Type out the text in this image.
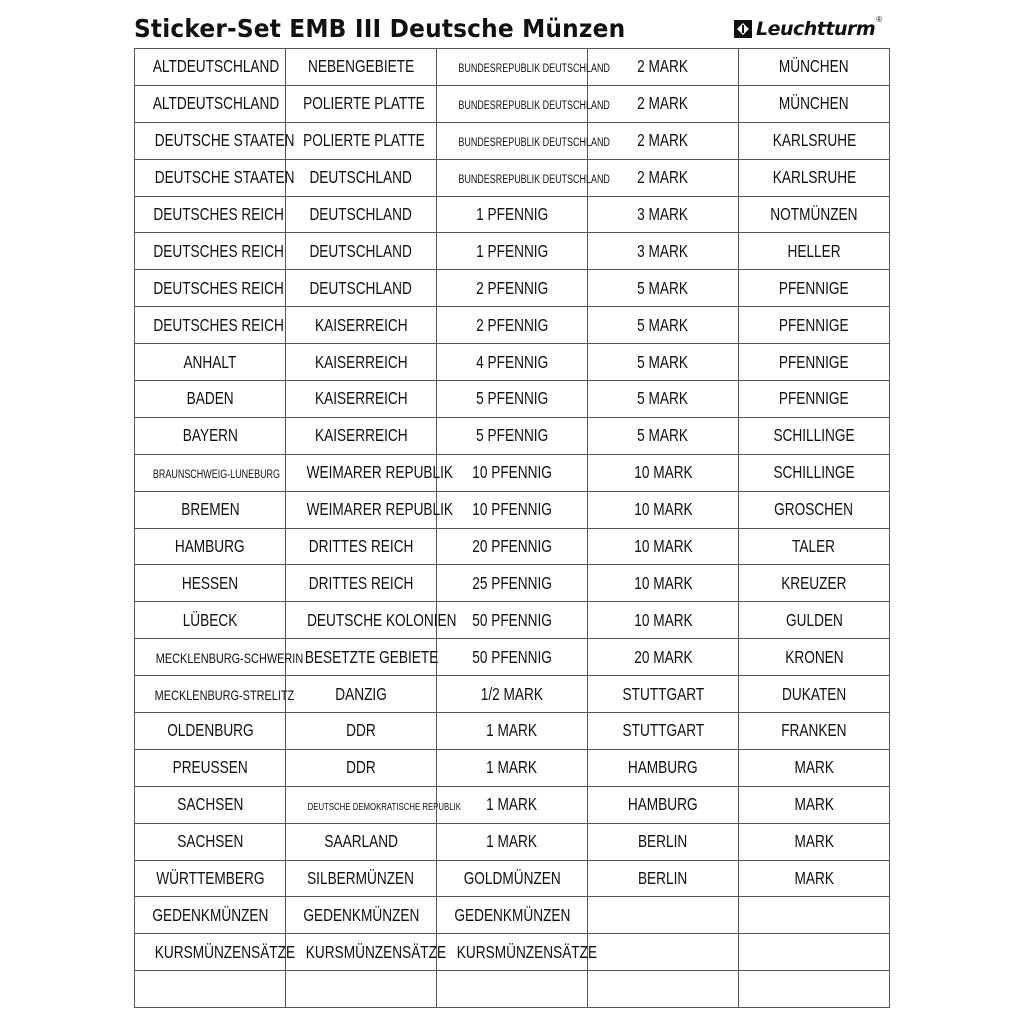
Sticker-Set EMB III Deutsche Münzen	Leuchtturm ®
ALTDEUTSCHLAND	NEBENGEBIETE	BUNDESREPUBLIK DEUTSCHLAND	2 MARK	MÜNCHEN
ALTDEUTSCHLAND	POLIERTE PLATTE	BUNDESREPUBLIK DEUTSCHLAND	2 MARK	MÜNCHEN
DEUTSCHE STAATEN	POLIERTE PLATTE	BUNDESREPUBLIK DEUTSCHLAND	2 MARK	KARLSRUHE
DEUTSCHE STAATEN	DEUTSCHLAND	BUNDESREPUBLIK DEUTSCHLAND	2 MARK	KARLSRUHE
DEUTSCHES REICH	DEUTSCHLAND	1 PFENNIG	3 MARK	NOTMÜNZEN
DEUTSCHES REICH	DEUTSCHLAND	1 PFENNIG	3 MARK	HELLER
DEUTSCHES REICH	DEUTSCHLAND	2 PFENNIG	5 MARK	PFENNIGE
DEUTSCHES REICH	KAISERREICH	2 PFENNIG	5 MARK	PFENNIGE
ANHALT	KAISERREICH	4 PFENNIG	5 MARK	PFENNIGE
BADEN	KAISERREICH	5 PFENNIG	5 MARK	PFENNIGE
BAYERN	KAISERREICH	5 PFENNIG	5 MARK	SCHILLINGE
BRAUNSCHWEIG-LÜNEBURG	WEIMARER REPUBLIK	10 PFENNIG	10 MARK	SCHILLINGE
BREMEN	WEIMARER REPUBLIK	10 PFENNIG	10 MARK	GROSCHEN
HAMBURG	DRITTES REICH	20 PFENNIG	10 MARK	TALER
HESSEN	DRITTES REICH	25 PFENNIG	10 MARK	KREUZER
LÜBECK	DEUTSCHE KOLONIEN	50 PFENNIG	10 MARK	GULDEN
MECKLENBURG-SCHWERIN	BESETZTE GEBIETE	50 PFENNIG	20 MARK	KRONEN
MECKLENBURG-STRELITZ	DANZIG	1/2 MARK	STUTTGART	DUKATEN
OLDENBURG	DDR	1 MARK	STUTTGART	FRANKEN
PREUSSEN	DDR	1 MARK	HAMBURG	MARK
SACHSEN	DEUTSCHE DEMOKRATISCHE REPUBLIK	1 MARK	HAMBURG	MARK
SACHSEN	SAARLAND	1 MARK	BERLIN	MARK
WÜRTTEMBERG	SILBERMÜNZEN	GOLDMÜNZEN	BERLIN	MARK
GEDENKMÜNZEN	GEDENKMÜNZEN	GEDENKMÜNZEN		
KURSMÜNZENSÄTZE	KURSMÜNZENSÄTZE	KURSMÜNZENSÄTZE		
